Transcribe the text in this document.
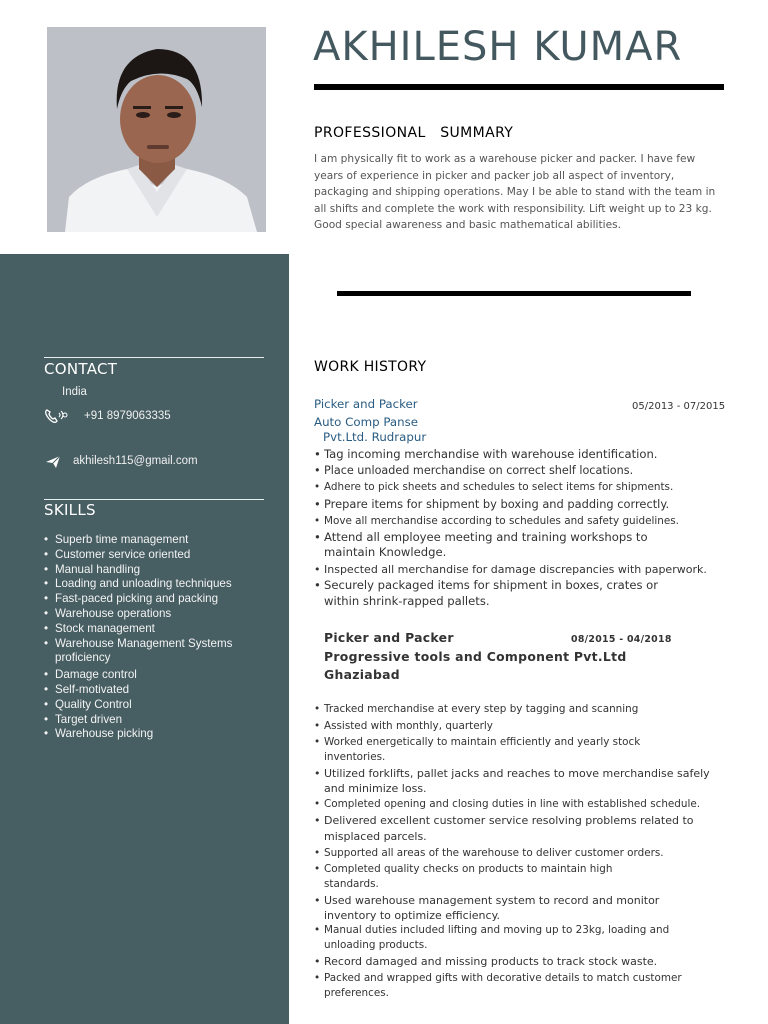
AKHILESH KUMAR
PROFESSIONAL   SUMMARY

I am physically fit to work as a warehouse picker and packer. I have few years of experience in picker and packer job all aspect of inventory, packaging and shipping operations. May I be able to stand with the team in all shifts and complete the work with responsibility. Lift weight up to 23 kg. Good special awareness and basic mathematical abilities.

CONTACT
India
+91 8979063335
akhilesh115@gmail.com
SKILLS
• Superb time management
• Customer service oriented
• Manual handling
• Loading and unloading techniques
• Fast-paced picking and packing
• Warehouse operations
• Stock management
• Warehouse Management Systems proficiency
• Damage control
• Self-motivated
• Quality Control
• Target driven
• Warehouse picking
WORK HISTORY
Picker and Packer	05/2013 - 07/2015
Auto Comp Panse
Pvt.Ltd. Rudrapur
• Tag incoming merchandise with warehouse identification.
• Place unloaded merchandise on correct shelf locations.
• Adhere to pick sheets and schedules to select items for shipments.
• Prepare items for shipment by boxing and padding correctly.
• Move all merchandise according to schedules and safety guidelines.
• Attend all employee meeting and training workshops to maintain Knowledge.
• Inspected all merchandise for damage discrepancies with paperwork.
• Securely packaged items for shipment in boxes, crates or within shrink-rapped pallets.
Picker and Packer	08/2015 - 04/2018
Progressive tools and Component Pvt.Ltd
Ghaziabad
• Tracked merchandise at every step by tagging and scanning
• Assisted with monthly, quarterly
• Worked energetically to maintain efficiently and yearly stock inventories.
• Utilized forklifts, pallet jacks and reaches to move merchandise safely and minimize loss.
• Completed opening and closing duties in line with established schedule.
• Delivered excellent customer service resolving problems related to misplaced parcels.
• Supported all areas of the warehouse to deliver customer orders.
• Completed quality checks on products to maintain high standards.
• Used warehouse management system to record and monitor inventory to optimize efficiency.
• Manual duties included lifting and moving up to 23kg, loading and unloading products.
• Record damaged and missing products to track stock waste.
• Packed and wrapped gifts with decorative details to match customer preferences.
